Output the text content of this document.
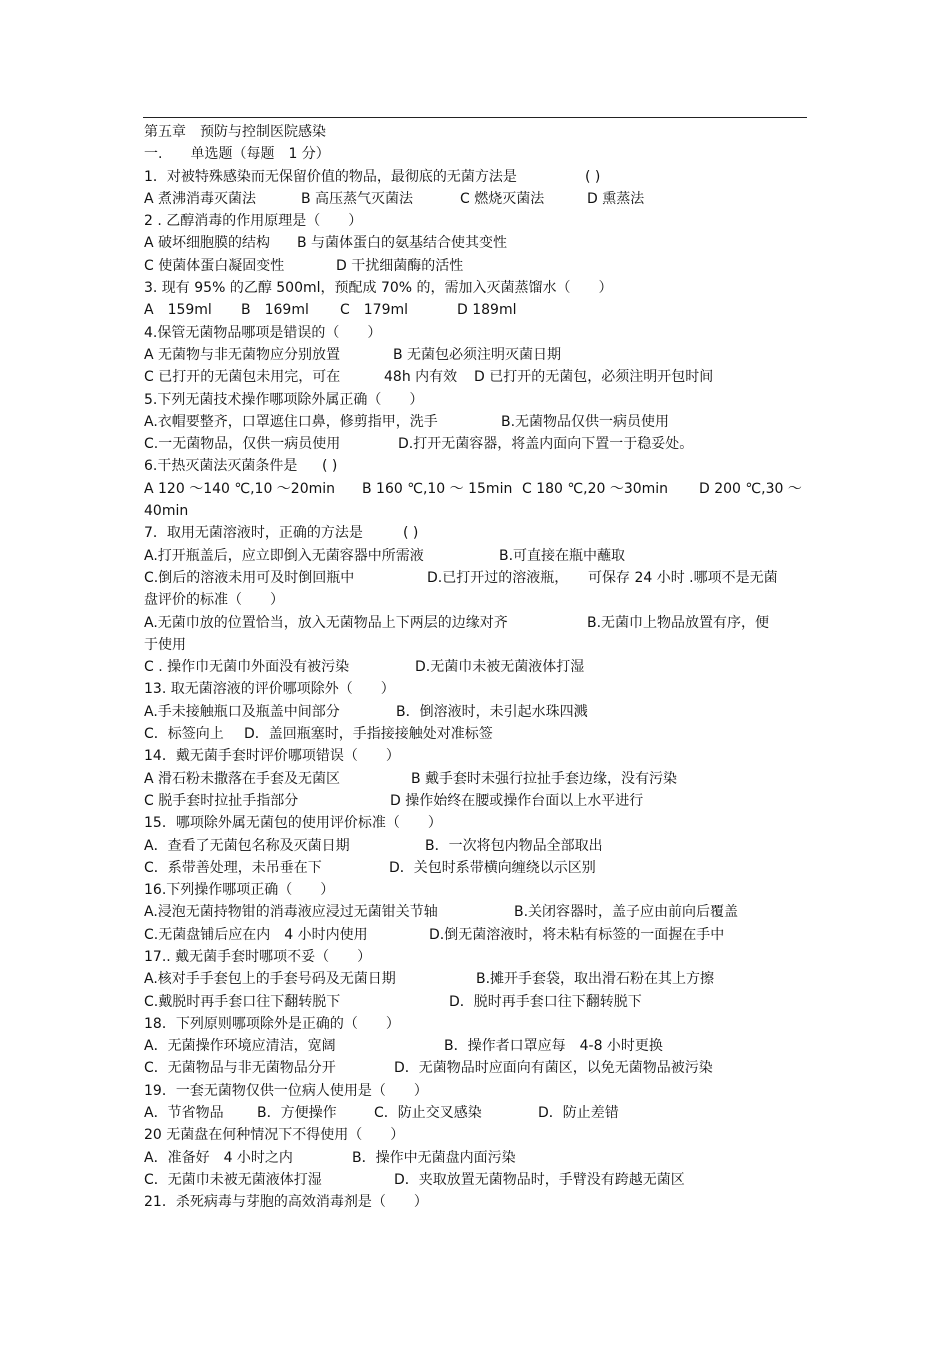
第五章　预防与控制医院感染
一.　　单选题（每题　1 分）
1．对被特殊感染而无保留价值的物品，最彻底的无菌方法是	( )
A 煮沸消毒灭菌法	B 高压蒸气灭菌法	C 燃烧灭菌法	D 熏蒸法
2 . 乙醇消毒的作用原理是（　　）
A 破坏细胞膜的结构 B 与菌体蛋白的氨基结合使其变性
C 使菌体蛋白凝固变性	D 干扰细菌酶的活性
3. 现有 95% 的乙醇 500ml，预配成 70% 的，需加入灭菌蒸馏水（　　）
A　159ml B　169ml C　179ml	D 189ml
4.保管无菌物品哪项是错误的（　　）
A 无菌物与非无菌物应分别放置	B 无菌包必须注明灭菌日期
C 已打开的无菌包未用完，可在	48h 内有效 D 已打开的无菌包，必须注明开包时间
5.下列无菌技术操作哪项除外属正确（　　）
A.衣帽要整齐，口罩遮住口鼻，修剪指甲，洗手	B.无菌物品仅供一病员使用
C.一无菌物品，仅供一病员使用	D.打开无菌容器，将盖内面向下置一于稳妥处。
6.干热灭菌法灭菌条件是 ( )
A 120 ～140 ℃,10 ～20min B 160 ℃,10 ～ 15min C 180 ℃,20 ～30min D 200 ℃,30 ～
40min
7．取用无菌溶液时，正确的方法是	( )
A.打开瓶盖后，应立即倒入无菌容器中所需液	B.可直接在瓶中蘸取
C.倒后的溶液未用可及时倒回瓶中	D.已打开过的溶液瓶， 可保存 24 小时 .哪项不是无菌
盘评价的标准（　　）
A.无菌巾放的位置恰当，放入无菌物品上下两层的边缘对齐	B.无菌巾上物品放置有序，便
于使用
C . 操作巾无菌巾外面没有被污染	D.无菌巾未被无菌液体打湿
13. 取无菌溶液的评价哪项除外（　　）
A.手未接触瓶口及瓶盖中间部分	B．倒溶液时，未引起水珠四溅
C．标签向上 D．盖回瓶塞时，手指接接触处对准标签
14．戴无菌手套时评价哪项错误（　　）
A 滑石粉未撒落在手套及无菌区	B 戴手套时未强行拉扯手套边缘，没有污染
C 脱手套时拉扯手指部分	D 操作始终在腰或操作台面以上水平进行
15．哪项除外属无菌包的使用评价标准（　　）
A．查看了无菌包名称及灭菌日期	B．一次将包内物品全部取出
C．系带善处理，未吊垂在下	D．关包时系带横向缠绕以示区别
16.下列操作哪项正确（　　）
A.浸泡无菌持物钳的消毒液应浸过无菌钳关节轴	B.关闭容器时，盖子应由前向后覆盖
C.无菌盘铺后应在内　4 小时内使用	D.倒无菌溶液时，将未粘有标签的一面握在手中
17.. 戴无菌手套时哪项不妥（　　）
A.核对手手套包上的手套号码及无菌日期	B.摊开手套袋，取出滑石粉在其上方擦
C.戴脱时再手套口往下翻转脱下	D．脱时再手套口往下翻转脱下
18．下列原则哪项除外是正确的（　　）
A．无菌操作环境应清洁，宽阔	B．操作者口罩应每　4-8 小时更换
C．无菌物品与非无菌物品分开	D．无菌物品时应面向有菌区，以免无菌物品被污染
19．一套无菌物仅供一位病人使用是（　　）
A．节省物品 B．方便操作	C．防止交叉感染	D．防止差错
20 无菌盘在何种情况下不得使用（　　）
A．准备好　4 小时之内	B．操作中无菌盘内面污染
C．无菌巾未被无菌液体打湿	D．夹取放置无菌物品时，手臂没有跨越无菌区
21．杀死病毒与芽胞的高效消毒剂是（　　）
